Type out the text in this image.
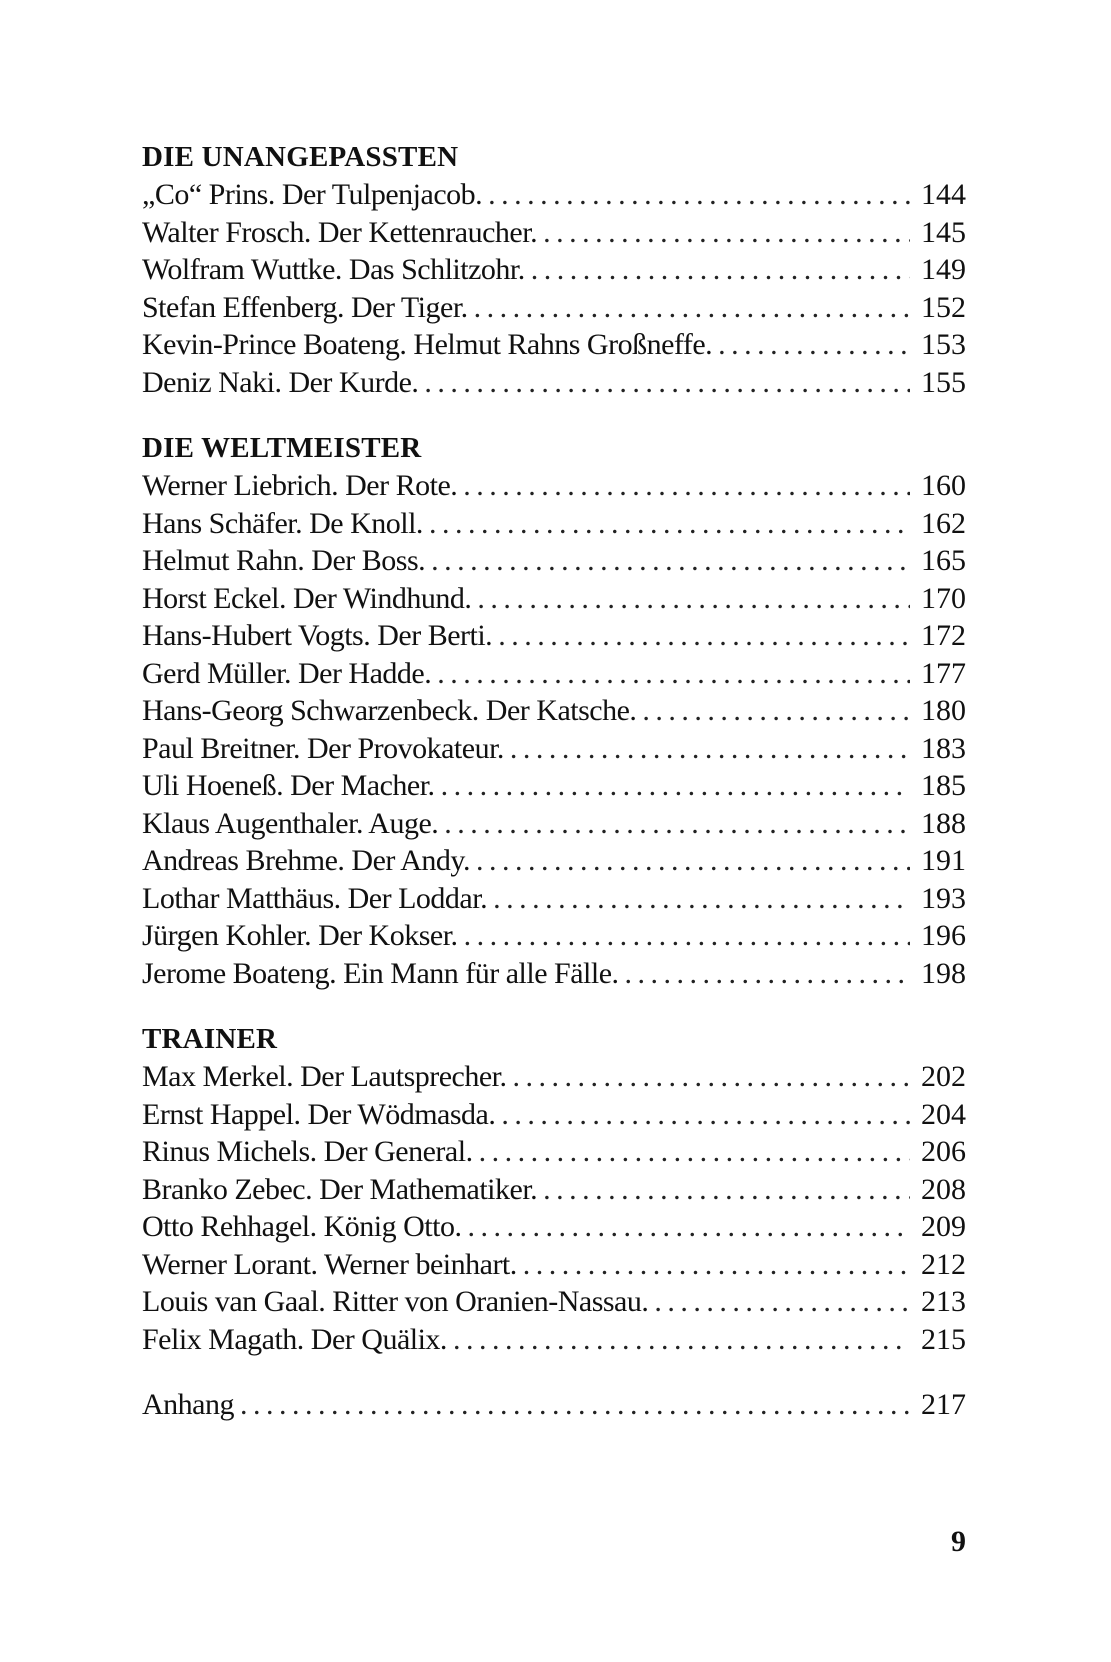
DIE UNANGEPASSTEN
„Co“ Prins. Der Tulpenjacob. . . .	144
Walter Frosch. Der Kettenraucher. . . .	145
Wolfram Wuttke. Das Schlitzohr. . . .	149
Stefan Effenberg. Der Tiger. . . .	152
Kevin-Prince Boateng. Helmut Rahns Großneffe. . . .	153
Deniz Naki. Der Kurde. . . .	155
DIE WELTMEISTER
Werner Liebrich. Der Rote. . . .	160
Hans Schäfer. De Knoll. . . .	162
Helmut Rahn. Der Boss. . . .	165
Horst Eckel. Der Windhund. . . .	170
Hans-Hubert Vogts. Der Berti. . . .	172
Gerd Müller. Der Hadde. . . .	177
Hans-Georg Schwarzenbeck. Der Katsche. . . .	180
Paul Breitner. Der Provokateur. . . .	183
Uli Hoeneß. Der Macher. . . .	185
Klaus Augenthaler. Auge. . . .	188
Andreas Brehme. Der Andy. . . .	191
Lothar Matthäus. Der Loddar. . . .	193
Jürgen Kohler. Der Kokser. . . .	196
Jerome Boateng. Ein Mann für alle Fälle. . . .	198
TRAINER
Max Merkel. Der Lautsprecher. . . .	202
Ernst Happel. Der Wödmasda. . . .	204
Rinus Michels. Der General. . . .	206
Branko Zebec. Der Mathematiker. . . .	208
Otto Rehhagel. König Otto. . . .	209
Werner Lorant. Werner beinhart. . . .	212
Louis van Gaal. Ritter von Oranien-Nassau. . . .	213
Felix Magath. Der Quälix. . . .	215
Anhang . . .	217
9
